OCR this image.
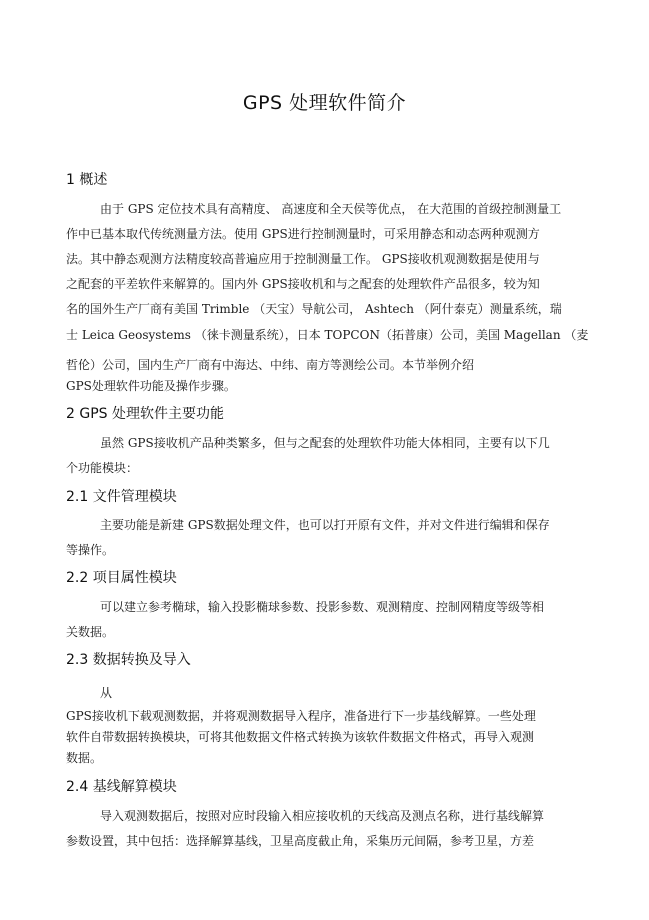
GPS 处理软件简介
1 概述
由于 GPS 定位技术具有高精度、 高速度和全天侯等优点， 在大范围的首级控制测量工
作中已基本取代传统测量方法。使用 GPS进行控制测量时，可采用静态和动态两种观测方
法。其中静态观测方法精度较高普遍应用于控制测量工作。 GPS接收机观测数据是使用与
之配套的平差软件来解算的。国内外 GPS接收机和与之配套的处理软件产品很多，较为知
名的国外生产厂商有美国 Trimble （天宝）导航公司， Ashtech （阿什泰克）测量系统，瑞
士 Leica Geosystems （徕卡测量系统），日本 TOPCON（拓普康）公司，美国 Magellan （麦
哲伦）公司，国内生产厂商有中海达、中纬、南方等测绘公司。本节举例介绍
GPS处理软件功能及操作步骤。
2 GPS 处理软件主要功能
虽然 GPS接收机产品种类繁多，但与之配套的处理软件功能大体相同，主要有以下几
个功能模块：
2.1 文件管理模块
主要功能是新建 GPS数据处理文件，也可以打开原有文件，并对文件进行编辑和保存
等操作。
2.2 项目属性模块
可以建立参考椭球，输入投影椭球参数、投影参数、观测精度、控制网精度等级等相
关数据。
2.3 数据转换及导入
从
GPS接收机下载观测数据，并将观测数据导入程序，准备进行下一步基线解算。一些处理
软件自带数据转换模块，可将其他数据文件格式转换为该软件数据文件格式，再导入观测
数据。
2.4 基线解算模块
导入观测数据后，按照对应时段输入相应接收机的天线高及测点名称，进行基线解算
参数设置，其中包括：选择解算基线，卫星高度截止角，采集历元间隔，参考卫星，方差
